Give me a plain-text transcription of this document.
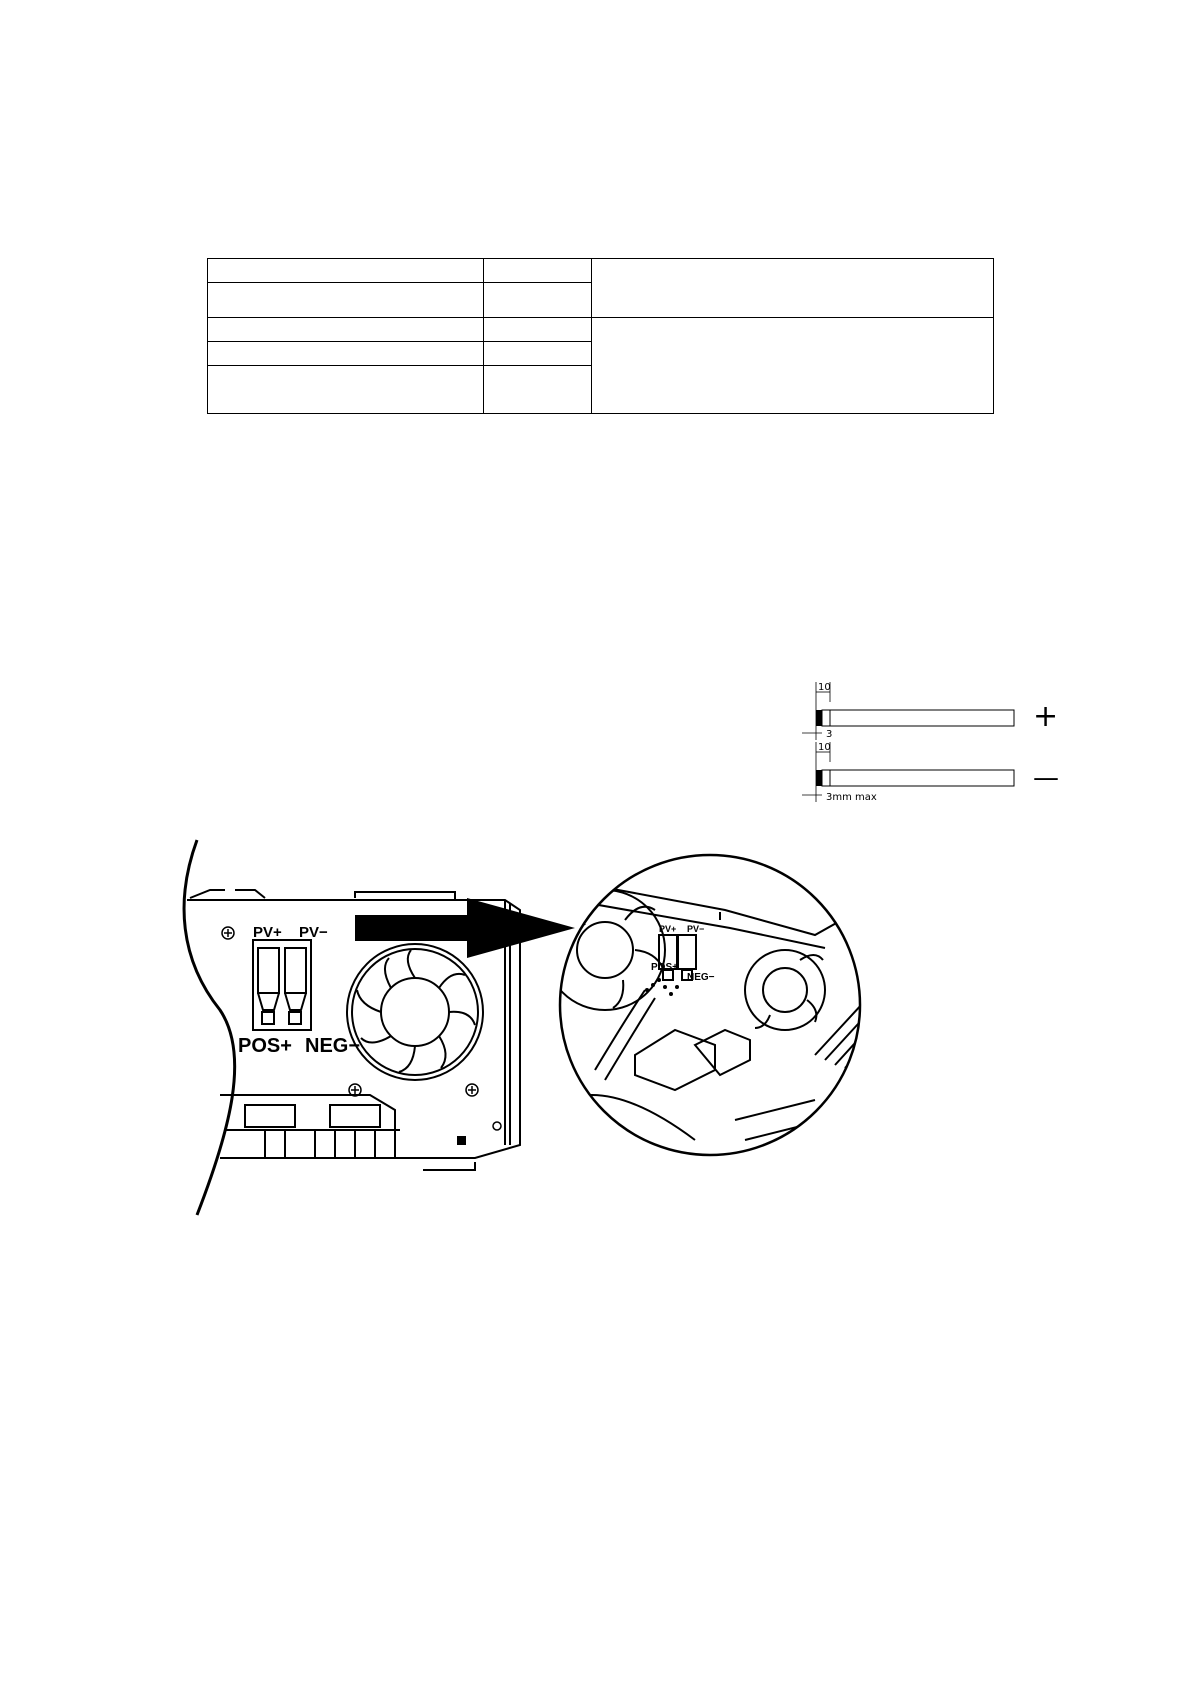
10
3
+
10
3mm max
—
PV+ PV−
POS+ NEG−
PV+ PV−
POS+
NEG−
